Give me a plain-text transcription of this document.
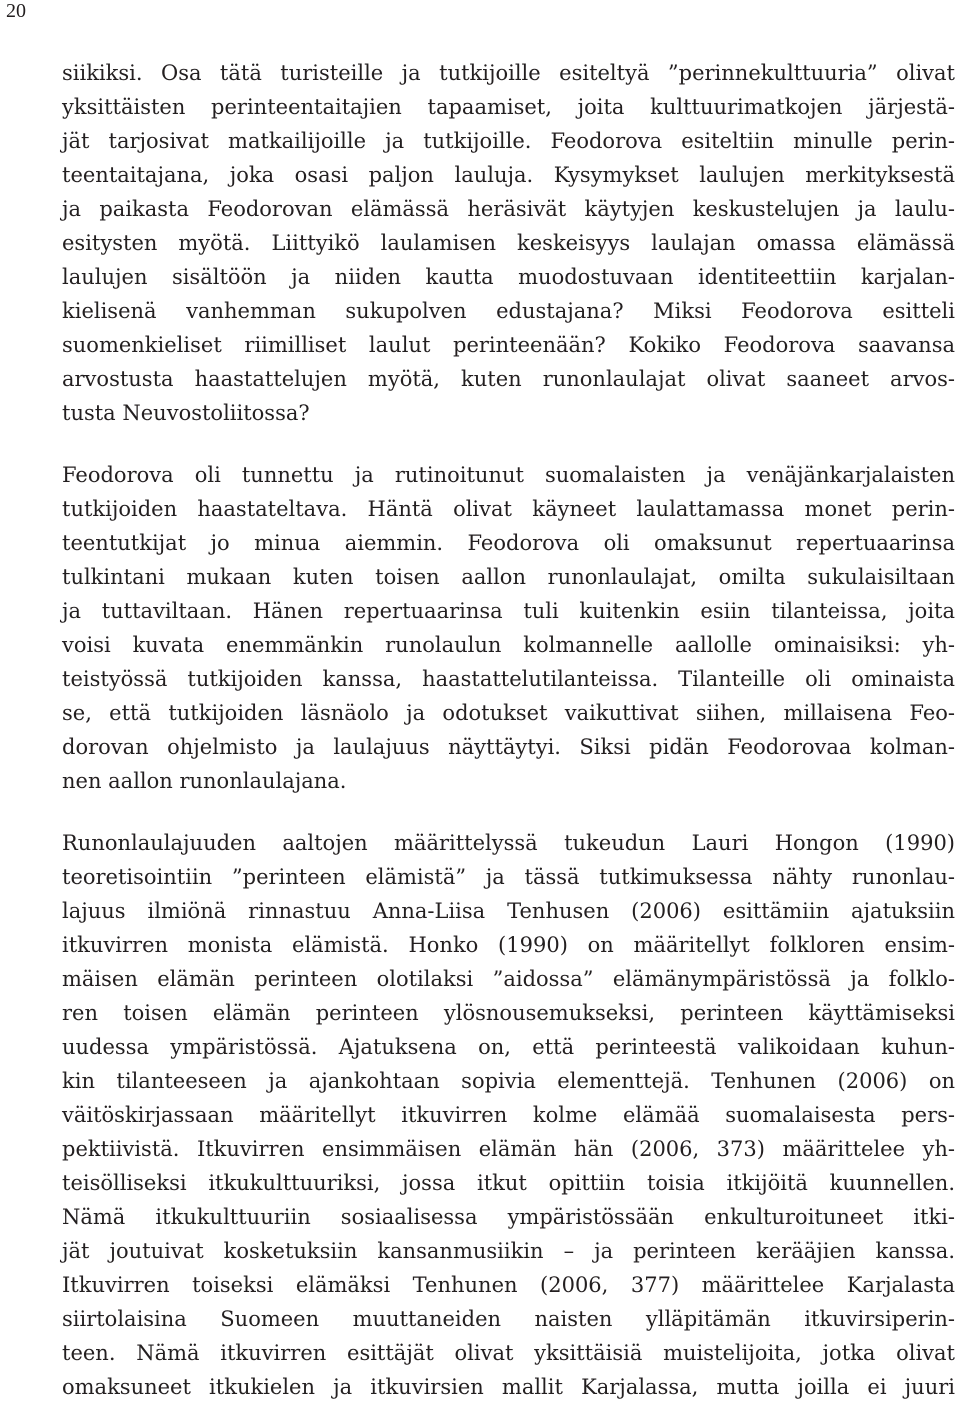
20
siikiksi. Osa tätä turisteille ja tutkijoille esiteltyä ”perinnekulttuuria” olivat
yksittäisten perinteentaitajien tapaamiset, joita kulttuurimatkojen järjestä-
jät tarjosivat matkailijoille ja tutkijoille. Feodorova esiteltiin minulle perin-
teentaitajana, joka osasi paljon lauluja. Kysymykset laulujen merkityksestä
ja paikasta Feodorovan elämässä heräsivät käytyjen keskustelujen ja laulu-
esitysten myötä. Liittyikö laulamisen keskeisyys laulajan omassa elämässä
laulujen sisältöön ja niiden kautta muodostuvaan identiteettiin karjalan-
kielisenä vanhemman sukupolven edustajana? Miksi Feodorova esitteli
suomenkieliset riimilliset laulut perinteenään? Kokiko Feodorova saavansa
arvostusta haastattelujen myötä, kuten runonlaulajat olivat saaneet arvos-
tusta Neuvostoliitossa?
Feodorova oli tunnettu ja rutinoitunut suomalaisten ja venäjänkarjalaisten
tutkijoiden haastateltava. Häntä olivat käyneet laulattamassa monet perin-
teentutkijat jo minua aiemmin. Feodorova oli omaksunut repertuaarinsa
tulkintani mukaan kuten toisen aallon runonlaulajat, omilta sukulaisiltaan
ja tuttaviltaan. Hänen repertuaarinsa tuli kuitenkin esiin tilanteissa, joita
voisi kuvata enemmänkin runolaulun kolmannelle aallolle ominaisiksi: yh-
teistyössä tutkijoiden kanssa, haastattelutilanteissa. Tilanteille oli ominaista
se, että tutkijoiden läsnäolo ja odotukset vaikuttivat siihen, millaisena Feo-
dorovan ohjelmisto ja laulajuus näyttäytyi. Siksi pidän Feodorovaa kolman-
nen aallon runonlaulajana.
Runonlaulajuuden aaltojen määrittelyssä tukeudun Lauri Hongon (1990)
teoretisointiin ”perinteen elämistä” ja tässä tutkimuksessa nähty runonlau-
lajuus ilmiönä rinnastuu Anna-Liisa Tenhusen (2006) esittämiin ajatuksiin
itkuvirren monista elämistä. Honko (1990) on määritellyt folkloren ensim-
mäisen elämän perinteen olotilaksi ”aidossa” elämänympäristössä ja folklo-
ren toisen elämän perinteen ylösnousemukseksi, perinteen käyttämiseksi
uudessa ympäristössä. Ajatuksena on, että perinteestä valikoidaan kuhun-
kin tilanteeseen ja ajankohtaan sopivia elementtejä. Tenhunen (2006) on
väitöskirjassaan määritellyt itkuvirren kolme elämää suomalaisesta pers-
pektiivistä. Itkuvirren ensimmäisen elämän hän (2006, 373) määrittelee yh-
teisölliseksi itkukulttuuriksi, jossa itkut opittiin toisia itkijöitä kuunnellen.
Nämä itkukulttuuriin sosiaalisessa ympäristössään enkulturoituneet itki-
jät joutuivat kosketuksiin kansanmusiikin – ja perinteen kerääjien kanssa.
Itkuvirren toiseksi elämäksi Tenhunen (2006, 377) määrittelee Karjalasta
siirtolaisina Suomeen muuttaneiden naisten ylläpitämän itkuvirsiperin-
teen. Nämä itkuvirren esittäjät olivat yksittäisiä muistelijoita, jotka olivat
omaksuneet itkukielen ja itkuvirsien mallit Karjalassa, mutta joilla ei juuri
